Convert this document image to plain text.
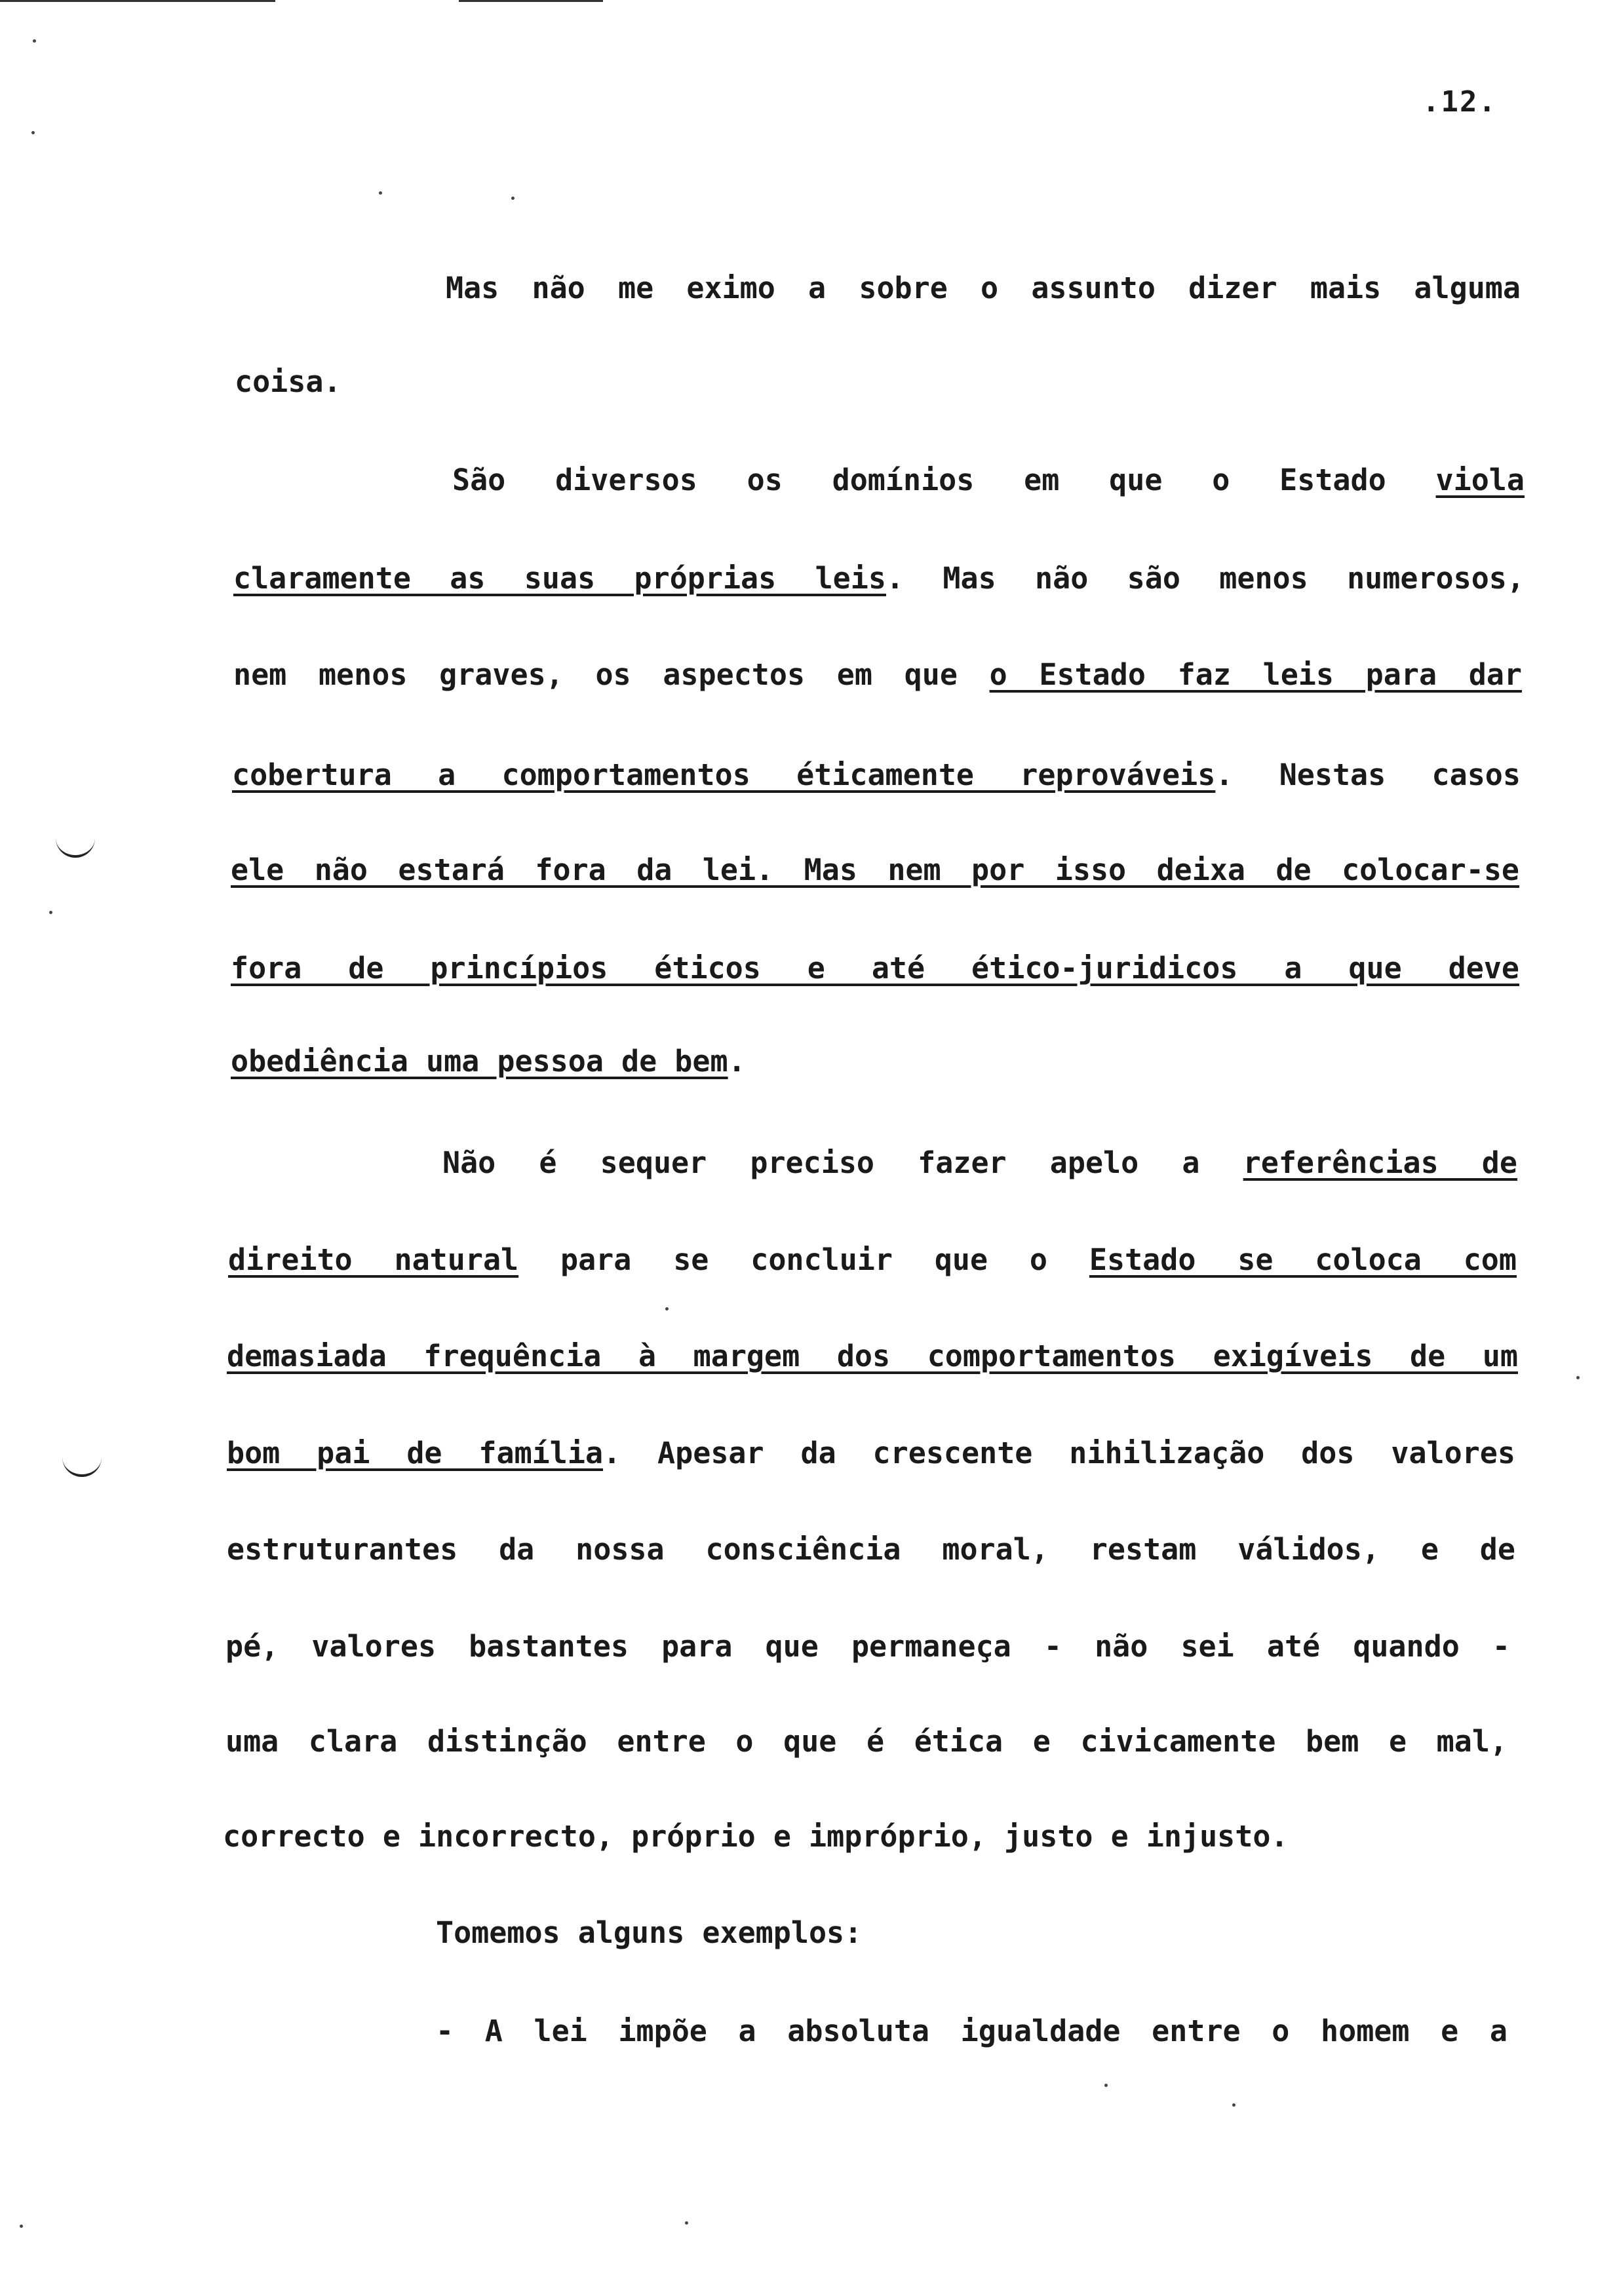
.12.
Mas não me eximo a sobre o assunto dizer mais alguma
coisa.
São diversos os domínios em que o Estado viola
claramente as suas próprias leis. Mas não são menos numerosos,
nem menos graves, os aspectos em que o Estado faz leis para dar
cobertura a comportamentos éticamente reprováveis. Nestas casos
ele não estará fora da lei. Mas nem por isso deixa de colocar-se
fora de princípios éticos e até ético-juridicos a que deve
obediência uma pessoa de bem.
Não é sequer preciso fazer apelo a referências de
direito natural para se concluir que o Estado se coloca com
demasiada frequência à margem dos comportamentos exigíveis de um
bom pai de família. Apesar da crescente nihilização dos valores
estruturantes da nossa consciência moral, restam válidos, e de
pé, valores bastantes para que permaneça - não sei até quando -
uma clara distinção entre o que é ética e civicamente bem e mal,
correcto e incorrecto, próprio e impróprio, justo e injusto.
Tomemos alguns exemplos:
- A lei impõe a absoluta igualdade entre o homem e a
